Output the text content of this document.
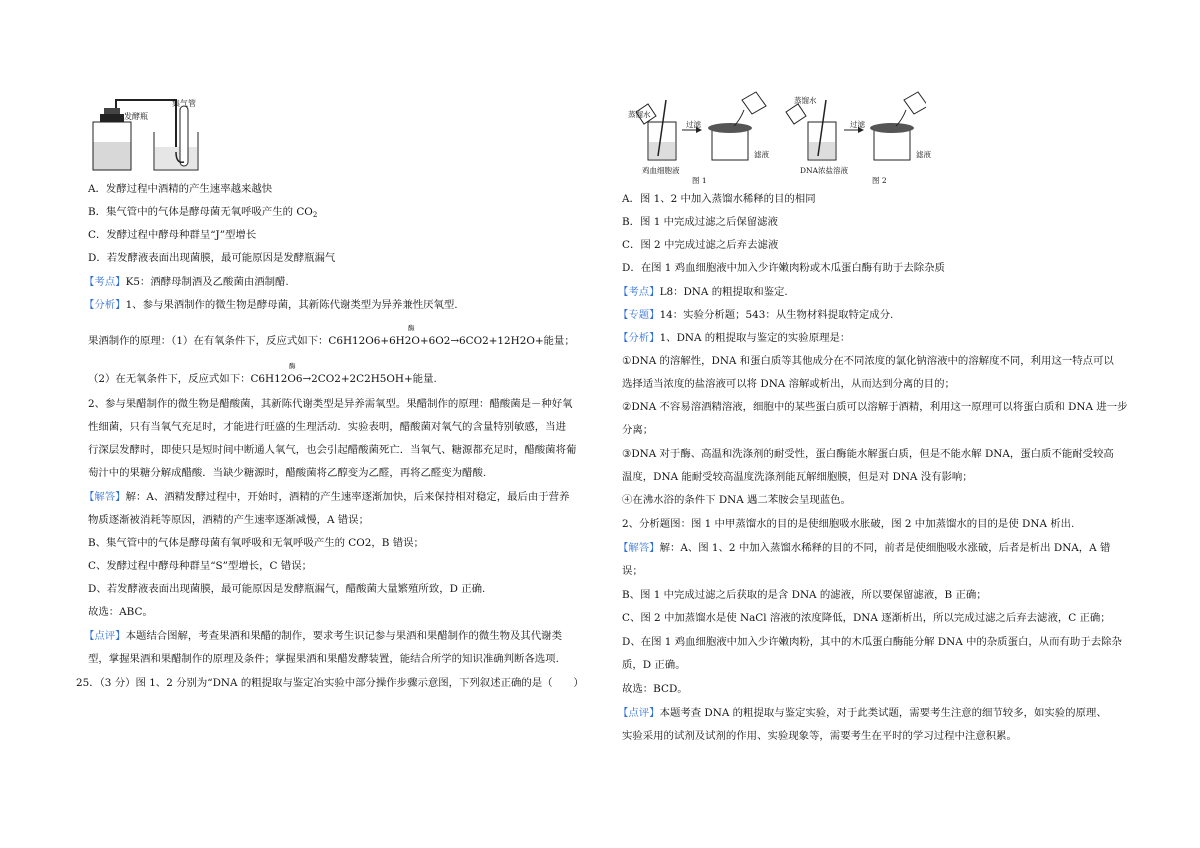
发酵瓶
集气管
A．发酵过程中酒精的产生速率越来越快
B．集气管中的气体是酵母菌无氧呼吸产生的 $CO_2$
C．发酵过程中酵母种群呈“J”型增长
D．若发酵液表面出现菌膜，最可能原因是发酵瓶漏气
【考点】K5：酒酵母制酒及乙酸菌由酒制醋.
【分析】1、参与果酒制作的微生物是酵母菌，其新陈代谢类型为异养兼性厌氧型.
果酒制作的原理：（1）在有氧条件下，反应式如下：C6H12O6+6H2O+6O2→6CO2+12H2O+能量；
酶
（2）在无氧条件下，反应式如下：C6H12O6→2CO2+2C2H5OH+能量.
酶
2、参与果醋制作的微生物是醋酸菌，其新陈代谢类型是异养需氧型。果醋制作的原理：醋酸菌是－种好氧
性细菌，只有当氧气充足时，才能进行旺盛的生理活动．实验表明，醋酸菌对氧气的含量特别敏感，当进
行深层发酵时，即使只是短时间中断通人氧气，也会引起醋酸菌死亡．当氧气、糖源都充足时，醋酸菌将葡
萄汁中的果糖分解成醋酸．当缺少糖源时，醋酸菌将乙醇变为乙醛，再将乙醛变为醋酸.
【解答】解：A、酒精发酵过程中，开始时，酒精的产生速率逐渐加快，后来保持相对稳定，最后由于营养
物质逐渐被消耗等原因，酒精的产生速率逐渐减慢，A 错误；
B、集气管中的气体是酵母菌有氧呼吸和无氧呼吸产生的 CO2，B 错误；
C、发酵过程中酵母种群呈“S”型增长，C 错误；
D、若发酵液表面出现菌膜，最可能原因是发酵瓶漏气，醋酸菌大量繁殖所致，D 正确.
故选：ABC。
【点评】本题结合图解，考查果酒和果醋的制作，要求考生识记参与果酒和果醋制作的微生物及其代谢类
型，掌握果酒和果醋制作的原理及条件；掌握果酒和果醋发酵装置，能结合所学的知识准确判断各选项.
25．（3 分）图 1、2 分别为“DNA 的粗提取与鉴定冶实验中部分操作步骤示意图，下列叙述正确的是（　　）
蒸馏水
过滤
鸡血细胞液
滤液
图 1
蒸馏水
过滤
DNA浓盐溶液
滤液
图 2
A．图 1、2 中加入蒸馏水稀释的目的相同
B．图 1 中完成过滤之后保留滤液
C．图 2 中完成过滤之后弃去滤液
D．在图 1 鸡血细胞液中加入少许嫩肉粉或木瓜蛋白酶有助于去除杂质
【考点】L8：DNA 的粗提取和鉴定.
【专题】14：实验分析题；543：从生物材料提取特定成分.
【分析】1、DNA 的粗提取与鉴定的实验原理是：
①DNA 的溶解性，DNA 和蛋白质等其他成分在不同浓度的氯化钠溶液中的溶解度不同，利用这一特点可以
选择适当浓度的盐溶液可以将 DNA 溶解或析出，从而达到分离的目的；
②DNA 不容易溶酒精溶液，细胞中的某些蛋白质可以溶解于酒精，利用这一原理可以将蛋白质和 DNA 进一步
分离；
③DNA 对于酶、高温和洗涤剂的耐受性，蛋白酶能水解蛋白质，但是不能水解 DNA，蛋白质不能耐受较高
温度，DNA 能耐受较高温度洗涤剂能瓦解细胞膜，但是对 DNA 没有影响；
④在沸水浴的条件下 DNA 遇二苯胺会呈现蓝色。
2、分析题图：图 1 中甲蒸馏水的目的是使细胞吸水胀破，图 2 中加蒸馏水的目的是使 DNA 析出.
【解答】解：A、图 1、2 中加入蒸馏水稀释的目的不同，前者是使细胞吸水涨破，后者是析出 DNA，A 错
误；
B、图 1 中完成过滤之后获取的是含 DNA 的滤液，所以要保留滤液，B 正确；
C、图 2 中加蒸馏水是使 NaCl 溶液的浓度降低，DNA 逐渐析出，所以完成过滤之后弃去滤液，C 正确；
D、在图 1 鸡血细胞液中加入少许嫩肉粉，其中的木瓜蛋白酶能分解 DNA 中的杂质蛋白，从而有助于去除杂
质，D 正确。
故选：BCD。
【点评】本题考查 DNA 的粗提取与鉴定实验，对于此类试题，需要考生注意的细节较多，如实验的原理、
实验采用的试剂及试剂的作用、实验现象等，需要考生在平时的学习过程中注意积累。
